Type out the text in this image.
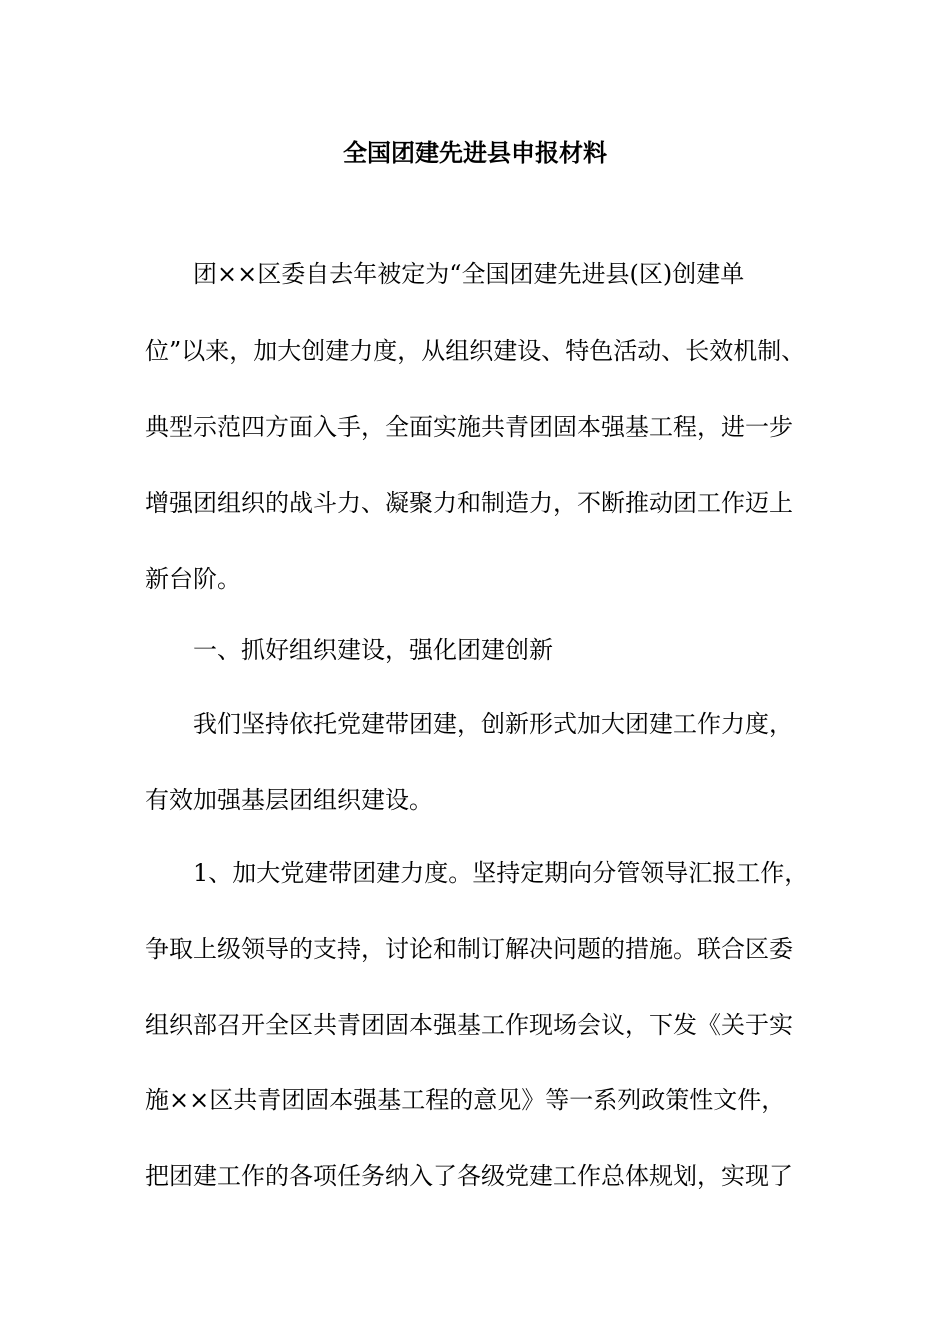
全国团建先进县申报材料

团××区委自去年被定为“全国团建先进县(区)创建单

位”以来，加大创建力度，从组织建设、特色活动、长效机制、

典型示范四方面入手，全面实施共青团固本强基工程，进一步

增强团组织的战斗力、凝聚力和制造力，不断推动团工作迈上

新台阶。

一、抓好组织建设，强化团建创新

我们坚持依托党建带团建，创新形式加大团建工作力度，

有效加强基层团组织建设。

1、加大党建带团建力度。坚持定期向分管领导汇报工作，

争取上级领导的支持，讨论和制订解决问题的措施。联合区委

组织部召开全区共青团固本强基工作现场会议，下发《关于实

施××区共青团固本强基工程的意见》等一系列政策性文件，

把团建工作的各项任务纳入了各级党建工作总体规划，实现了
